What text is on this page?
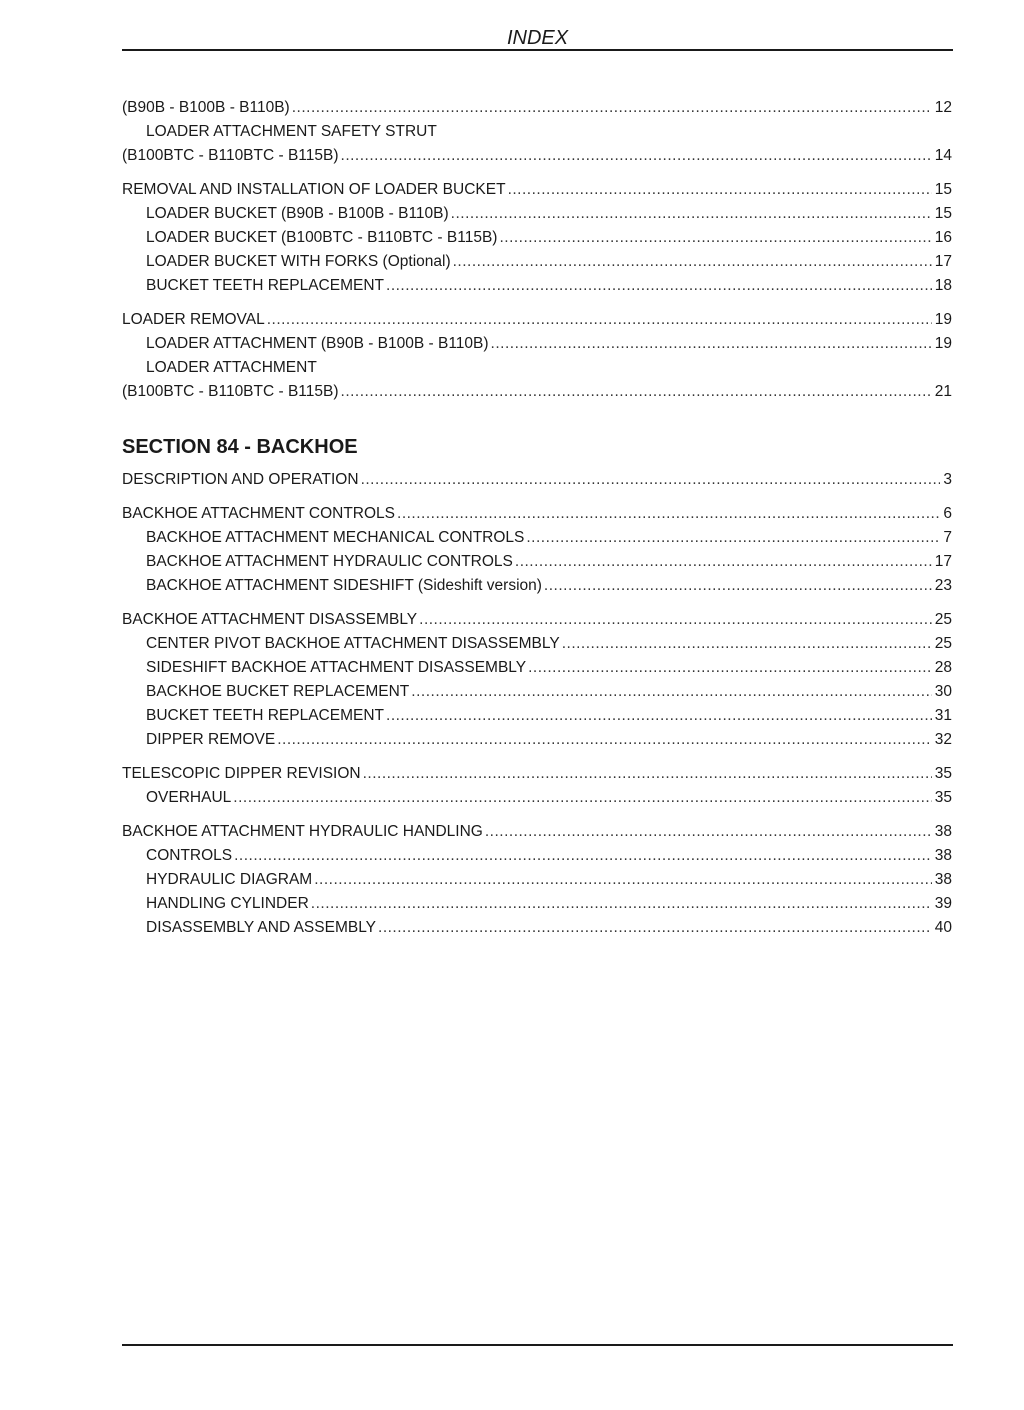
INDEX
(B90B - B100B - B110B) .....	12
LOADER ATTACHMENT SAFETY STRUT
(B100BTC - B110BTC - B115B) .....	14
REMOVAL AND INSTALLATION OF LOADER BUCKET .....	15
LOADER BUCKET (B90B - B100B - B110B) .....	15
LOADER BUCKET (B100BTC - B110BTC - B115B) .....	16
LOADER BUCKET WITH FORKS (Optional) .....	17
BUCKET TEETH REPLACEMENT .....	18
LOADER REMOVAL .....	19
LOADER ATTACHMENT (B90B - B100B - B110B) .....	19
LOADER ATTACHMENT
(B100BTC - B110BTC - B115B) .....	21
SECTION 84 - BACKHOE
DESCRIPTION AND OPERATION .....	3
BACKHOE ATTACHMENT CONTROLS .....	6
BACKHOE ATTACHMENT MECHANICAL CONTROLS .....	7
BACKHOE ATTACHMENT HYDRAULIC CONTROLS .....	17
BACKHOE ATTACHMENT SIDESHIFT (Sideshift version) .....	23
BACKHOE ATTACHMENT DISASSEMBLY .....	25
CENTER PIVOT BACKHOE ATTACHMENT DISASSEMBLY .....	25
SIDESHIFT BACKHOE ATTACHMENT DISASSEMBLY .....	28
BACKHOE BUCKET REPLACEMENT .....	30
BUCKET TEETH REPLACEMENT .....	31
DIPPER REMOVE .....	32
TELESCOPIC DIPPER REVISION .....	35
OVERHAUL .....	35
BACKHOE ATTACHMENT HYDRAULIC HANDLING .....	38
CONTROLS .....	38
HYDRAULIC DIAGRAM .....	38
HANDLING CYLINDER .....	39
DISASSEMBLY AND ASSEMBLY .....	40
